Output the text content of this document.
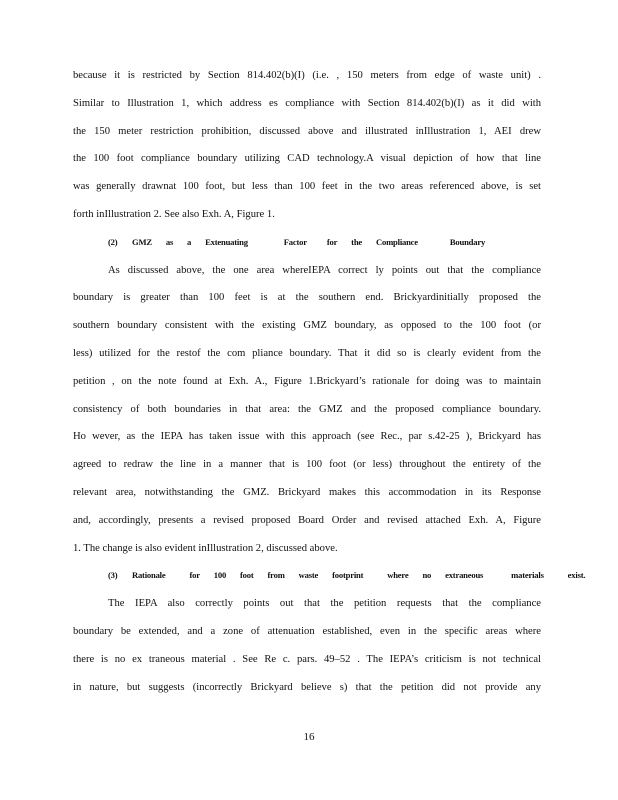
because it is restricted by Section 814.402(b)(I) (i.e. , 150 meters from edge of waste unit) .
Similar to Illustration 1, which address es compliance with Section 814.402(b)(I) as it did with
the 150 meter restriction prohibition, discussed above and illustrated inIllustration 1, AEI drew
the 100 foot compliance boundary utilizing CAD technology.A visual depiction of how that line
was generally drawnat 100 foot, but less than 100 feet in the two areas referenced above, is set
forth inIllustration 2. See also Exh. A, Figure 1.
(2) GMZ as a Extenuating	Factor for the Compliance	Boundary
As discussed above, the one area whereIEPA correct ly points out that the compliance
boundary is greater than 100 feet is at the southern end. Brickyardinitially proposed the
southern boundary consistent with the existing GMZ boundary, as opposed to the 100 foot (or
less) utilized for the restof the com pliance boundary. That it did so is clearly evident from the
petition , on the note found at Exh. A., Figure 1.Brickyard’s rationale for doing was to maintain
consistency of both boundaries in that area: the GMZ and the proposed compliance boundary.
Ho wever, as the IEPA has taken issue with this approach (see Rec., par s.42-25 ), Brickyard has
agreed to redraw the line in a manner that is 100 foot (or less) throughout the entirety of the
relevant area, notwithstanding the GMZ. Brickyard makes this accommodation in its Response
and, accordingly, presents a revised proposed Board Order and revised attached Exh. A, Figure
1. The change is also evident inIllustration 2, discussed above.
(3) Rationale	for 100 foot from waste footprint	where no extraneous	materials	exist.
The IEPA also correctly points out that the petition requests that the compliance
boundary be extended, and a zone of attenuation established, even in the specific areas where
there is no ex traneous material . See Re c. pars. 49–52 . The IEPA’s criticism is not technical
in nature, but suggests (incorrectly Brickyard believe s) that the petition did not provide any
16
